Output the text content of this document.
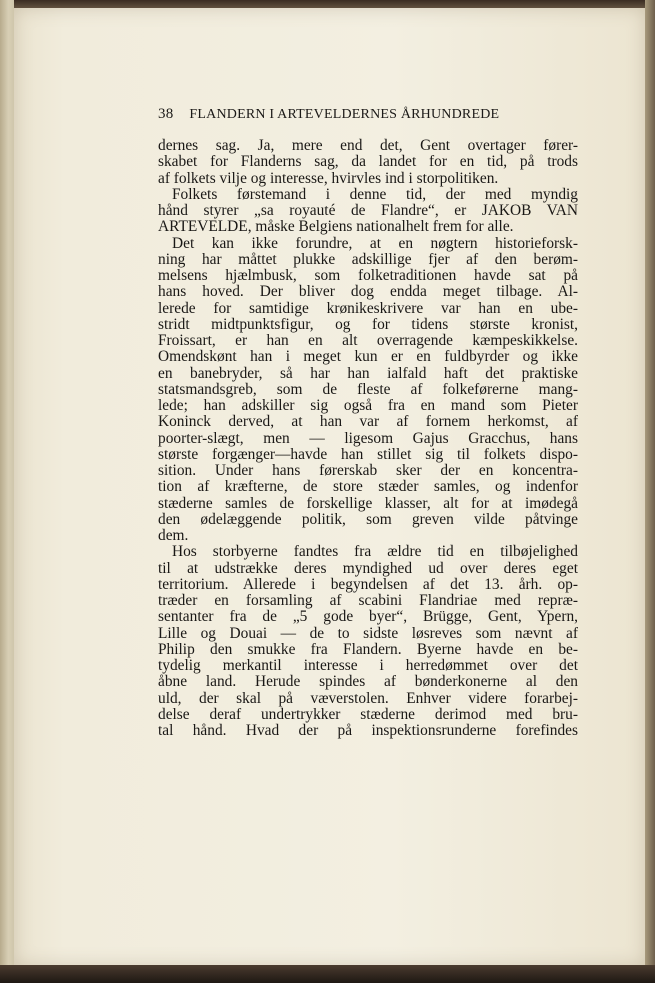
38 FLANDERN I ARTEVELDERNES ÅRHUNDREDE
dernes sag. Ja, mere end det, Gent overtager fører-
skabet for Flanderns sag, da landet for en tid, på trods
af folkets vilje og interesse, hvirvles ind i storpolitiken.
Folkets førstemand i denne tid, der med myndig
hånd styrer „sa royauté de Flandre“, er JAKOB VAN
ARTEVELDE, måske Belgiens nationalhelt frem for alle.
Det kan ikke forundre, at en nøgtern historieforsk-
ning har måttet plukke adskillige fjer af den berøm-
melsens hjælmbusk, som folketraditionen havde sat på
hans hoved. Der bliver dog endda meget tilbage. Al-
lerede for samtidige krønikeskrivere var han en ube-
stridt midtpunktsfigur, og for tidens største kronist,
Froissart, er han en alt overragende kæmpeskikkelse.
Omendskønt han i meget kun er en fuldbyrder og ikke
en banebryder, så har han ialfald haft det praktiske
statsmandsgreb, som de fleste af folkeførerne mang-
lede; han adskiller sig også fra en mand som Pieter
Koninck derved, at han var af fornem herkomst, af
poorter-slægt, men — ligesom Gajus Gracchus, hans
største forgænger—havde han stillet sig til folkets dispo-
sition. Under hans førerskab sker der en koncentra-
tion af kræfterne, de store stæder samles, og indenfor
stæderne samles de forskellige klasser, alt for at imødegå
den ødelæggende politik, som greven vilde påtvinge
dem.
Hos storbyerne fandtes fra ældre tid en tilbøjelighed
til at udstrække deres myndighed ud over deres eget
territorium. Allerede i begyndelsen af det 13. årh. op-
træder en forsamling af scabini Flandriae med repræ-
sentanter fra de „5 gode byer“, Brügge, Gent, Ypern,
Lille og Douai — de to sidste løsreves som nævnt af
Philip den smukke fra Flandern. Byerne havde en be-
tydelig merkantil interesse i herredømmet over det
åbne land. Herude spindes af bønderkonerne al den
uld, der skal på væverstolen. Enhver videre forarbej-
delse deraf undertrykker stæderne derimod med bru-
tal hånd. Hvad der på inspektionsrunderne forefindes
